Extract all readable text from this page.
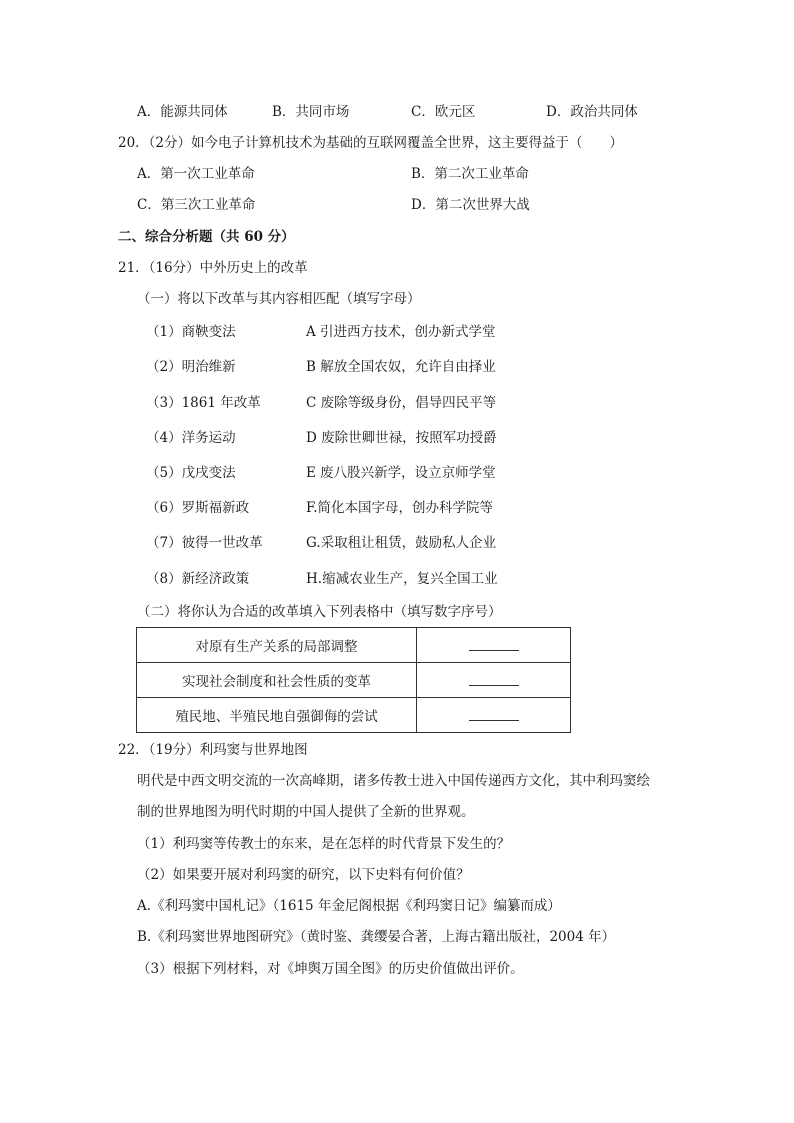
A．能源共同体	B．共同市场	C．欧元区	D．政治共同体
20．（2分）如今电子计算机技术为基础的互联网覆盖全世界，这主要得益于（　　）
A．第一次工业革命	B．第二次工业革命
C．第三次工业革命	D．第二次世界大战
二、综合分析题（共 60 分）
21．（16分）中外历史上的改革
（一）将以下改革与其内容相匹配（填写字母）
（1）商鞅变法	A 引进西方技术，创办新式学堂
（2）明治维新	B 解放全国农奴，允许自由择业
（3）1861 年改革	C 废除等级身份，倡导四民平等
（4）洋务运动	D 废除世卿世禄，按照军功授爵
（5）戊戌变法	E 废八股兴新学，设立京师学堂
（6）罗斯福新政	F.简化本国字母，创办科学院等
（7）彼得一世改革	G.采取租让租赁，鼓励私人企业
（8）新经济政策	H.缩减农业生产，复兴全国工业
（二）将你认为合适的改革填入下列表格中（填写数字序号）
对原有生产关系的局部调整	
实现社会制度和社会性质的变革	
殖民地、半殖民地自强御侮的尝试	
22．（19分）利玛窦与世界地图
明代是中西文明交流的一次高峰期，诸多传教士进入中国传递西方文化，其中利玛窦绘
制的世界地图为明代时期的中国人提供了全新的世界观。
（1）利玛窦等传教士的东来，是在怎样的时代背景下发生的？
（2）如果要开展对利玛窦的研究，以下史料有何价值？
A.《利玛窦中国札记》（1615 年金尼阁根据《利玛窦日记》编纂而成）
B.《利玛窦世界地图研究》（黄时鉴、龚缨晏合著，上海古籍出版社，2004 年）
（3）根据下列材料，对《坤舆万国全图》的历史价值做出评价。
